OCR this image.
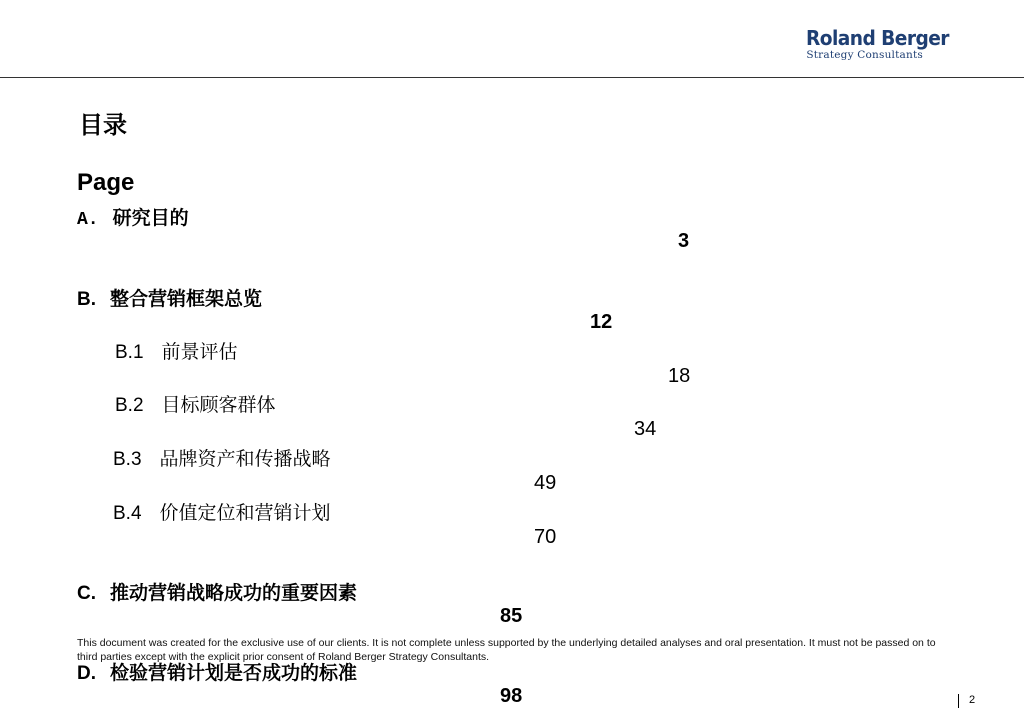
Roland Berger
Strategy Consultants
目录
Page
A. 研究目的
3
B. 整合营销框架总览
12
B.1 前景评估
18
B.2 目标顾客群体
34
B.3 品牌资产和传播战略
49
B.4 价值定位和营销计划
70
C. 推动营销战略成功的重要因素
85
D. 检验营销计划是否成功的标准
98
This document was created for the exclusive use of our clients. It is not complete unless supported by the underlying detailed analyses and oral presentation. It must not be passed on to third parties except with the explicit prior consent of Roland Berger Strategy Consultants.
2
